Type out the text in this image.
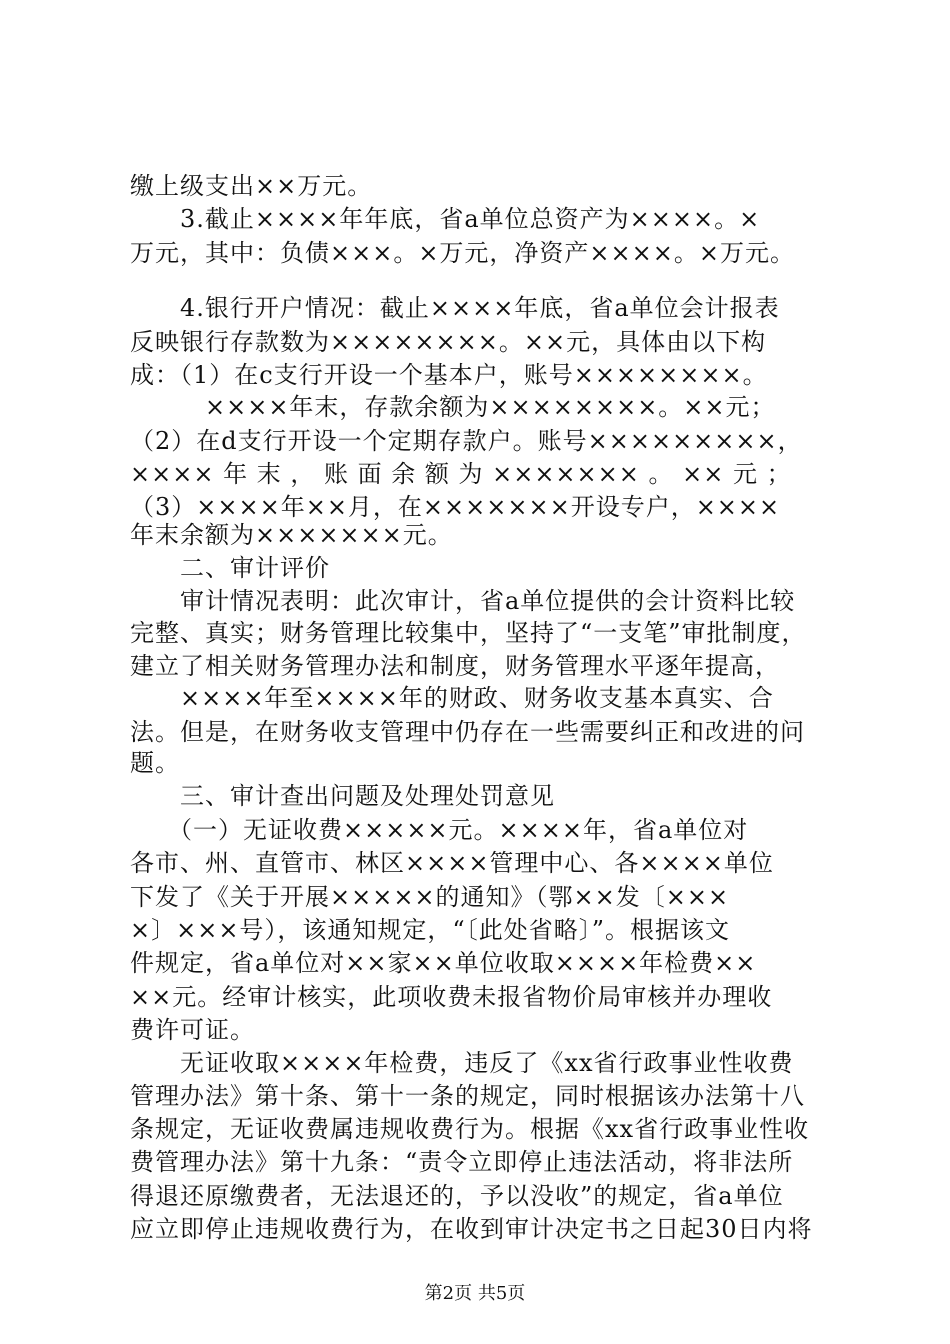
缴上级支出××万元。
　　3.截止××××年年底，省a单位总资产为××××。×
万元，其中：负债×××。×万元，净资产××××。×万元。
　　4.银行开户情况：截止××××年底，省a单位会计报表
反映银行存款数为××××××××。××元，具体由以下构
成：（1）在c支行开设一个基本户，账号××××××××。
　　　××××年末，存款余额为××××××××。××元；
（2）在d支行开设一个定期存款户。账号×××××××××，
×××× 年 末 ， 账 面 余 额 为 ××××××× 。 ×× 元 ；
（3）××××年××月，在×××××××开设专户，××××
年末余额为×××××××元。
　　二、审计评价
　　审计情况表明：此次审计，省a单位提供的会计资料比较
完整、真实；财务管理比较集中，坚持了“一支笔”审批制度，
建立了相关财务管理办法和制度，财务管理水平逐年提高，
　　××××年至××××年的财政、财务收支基本真实、合
法。但是，在财务收支管理中仍存在一些需要纠正和改进的问
题。
　　三、审计查出问题及处理处罚意见
　　（一）无证收费×××××元。××××年，省a单位对
各市、州、直管市、林区××××管理中心、各××××单位
下发了《关于开展×××××的通知》（鄂××发〔×××
×〕×××号），该通知规定，“〔此处省略〕”。根据该文
件规定，省a单位对××家××单位收取××××年检费××
××元。经审计核实，此项收费未报省物价局审核并办理收
费许可证。
　　无证收取××××年检费，违反了《xx省行政事业性收费
管理办法》第十条、第十一条的规定，同时根据该办法第十八
条规定，无证收费属违规收费行为。根据《xx省行政事业性收
费管理办法》第十九条：“责令立即停止违法活动，将非法所
得退还原缴费者，无法退还的，予以没收”的规定，省a单位
应立即停止违规收费行为，在收到审计决定书之日起30日内将
第2页 共5页
